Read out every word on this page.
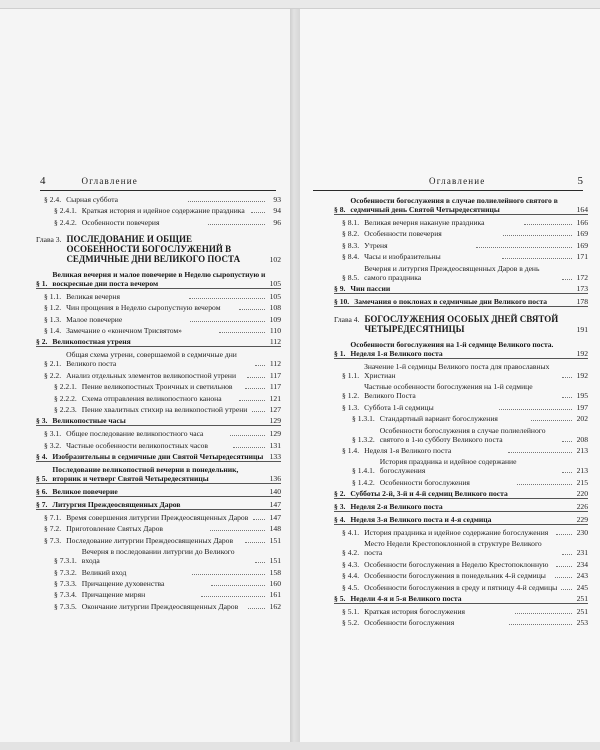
4	Оглавление
§ 2.4. Сырная суббота	93
§ 2.4.1. Краткая история и идейное содержание праздника	94
§ 2.4.2. Особенности повечерия	96
Глава 3. ПОСЛЕДОВАНИЕ И ОБЩИЕ ОСОБЕННОСТИ БОГОСЛУЖЕНИЙ В СЕДМИЧНЫЕ ДНИ ВЕЛИКОГО ПОСТА	102
§ 1.
Великая вечерня и малое повечерие в Неделю сыропустную и воскресные дни поста вечером	105
§ 1.1. Великая вечерня	105
§ 1.2. Чин прощения в Неделю сыропустную вечером	108
§ 1.3. Малое повечерие	109
§ 1.4. Замечание о «конечном Трисвятом»	110
§ 2. Великопостная утреня	112
§ 2.1.
Общая схема утрени, совершаемой в седмичные дни Великого поста	112
§ 2.2. Анализ отдельных элементов великопостной утрени	117
§ 2.2.1. Пение великопостных Троичных и светильнов	117
§ 2.2.2. Схема отправления великопостного канона	121
§ 2.2.3. Пение хвалитных стихир на великопостной утрени	127
§ 3. Великопостные часы	129
§ 3.1. Общее последование великопостного часа	129
§ 3.2. Частные особенности великопостных часов	131
§ 4. Изобразительны в седмичные дни Святой Четыредесятницы 133
§ 5.
Последование великопостной вечерни в понедельник, вторник и четверг Святой Четыредесятницы	136
§ 6. Великое повечерие	140
§ 7. Литургия Преждеосвященных Даров	147
§ 7.1. Время совершения литургии Преждеосвященных Даров	147
§ 7.2. Приготовление Святых Даров	148
§ 7.3. Последование литургии Преждеосвященных Даров	151
§ 7.3.1.
Вечерня в последовании литургии до Великого входа	151
§ 7.3.2. Великий вход	158
§ 7.3.3. Причащение духовенства	160
§ 7.3.4. Причащение мирян	161
§ 7.3.5. Окончание литургии Преждеосвященных Даров	162
Оглавление	5
§ 8.
Особенности богослужения в случае полиелейного святого в седмичный день Святой Четыредесятницы	164
§ 8.1. Великая вечерня накануне праздника	166
§ 8.2. Особенности повечерия	169
§ 8.3. Утреня	169
§ 8.4. Часы и изобразительны	171
§ 8.5.
Вечерня и литургия Преждеосвященных Даров в день самого праздника	172
§ 9. Чин пассии	173
§ 10. Замечания о поклонах в седмичные дни Великого поста	178
Глава 4. БОГОСЛУЖЕНИЯ ОСОБЫХ ДНЕЙ СВЯТОЙ ЧЕТЫРЕДЕСЯТНИЦЫ	191
§ 1.
Особенности богослужения на 1-й седмице Великого поста. Неделя 1-я Великого поста	192
§ 1.1.
Значение 1-й седмицы Великого поста для православных Христиан	192
§ 1.2.
Частные особенности богослужения на 1-й седмице Великого Поста	195
§ 1.3. Суббота 1-й седмицы	197
§ 1.3.1. Стандартный вариант богослужения	202
§ 1.3.2.
Особенности богослужения в случае полиелейного святого в 1-ю субботу Великого поста	208
§ 1.4. Неделя 1-я Великого поста	213
§ 1.4.1.
История праздника и идейное содержание богослужения	213
§ 1.4.2. Особенности богослужения	215
§ 2. Субботы 2-й, 3-й и 4-й седмиц Великого поста	220
§ 3. Неделя 2-я Великого поста	226
§ 4. Неделя 3-я Великого поста и 4-я седмица	229
§ 4.1. История праздника и идейное содержание богослужения	230
§ 4.2.
Место Недели Крестопоклонной в структуре Великого поста	231
§ 4.3. Особенности богослужения в Неделю Крестопоклонную	234
§ 4.4. Особенности богослужения в понедельник 4-й седмицы	243
§ 4.5. Особенности богослужения в среду и пятницу 4-й седмицы	245
§ 5. Недели 4-я и 5-я Великого поста	251
§ 5.1. Краткая история богослужения	251
§ 5.2. Особенности богослужения	253
